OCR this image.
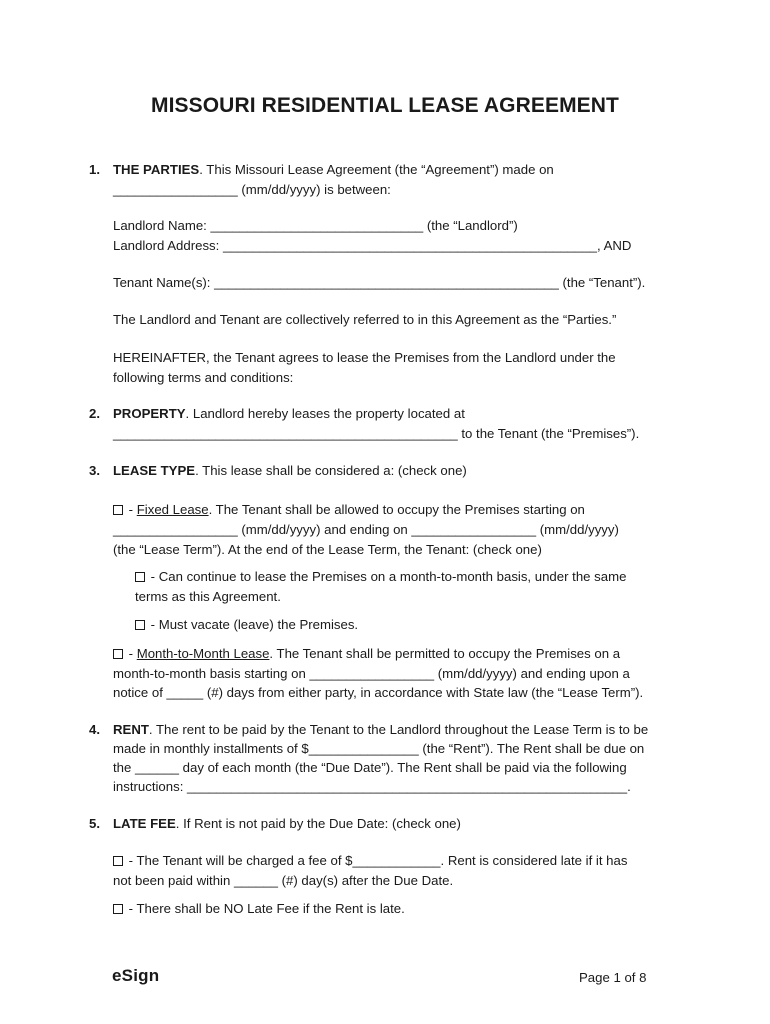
MISSOURI RESIDENTIAL LEASE AGREEMENT
1. THE PARTIES. This Missouri Lease Agreement (the “Agreement”) made on
_________________ (mm/dd/yyyy) is between:
Landlord Name: _____________________________ (the “Landlord”)
Landlord Address: ___________________________________________________, AND
Tenant Name(s): _______________________________________________ (the “Tenant”).
The Landlord and Tenant are collectively referred to in this Agreement as the “Parties.”
HEREINAFTER, the Tenant agrees to lease the Premises from the Landlord under the
following terms and conditions:
2. PROPERTY. Landlord hereby leases the property located at
_______________________________________________ to the Tenant (the “Premises”).
3. LEASE TYPE. This lease shall be considered a: (check one)
- Fixed Lease. The Tenant shall be allowed to occupy the Premises starting on
_________________ (mm/dd/yyyy) and ending on _________________ (mm/dd/yyyy)
(the “Lease Term”). At the end of the Lease Term, the Tenant: (check one)
- Can continue to lease the Premises on a month-to-month basis, under the same
terms as this Agreement.
- Must vacate (leave) the Premises.
- Month-to-Month Lease. The Tenant shall be permitted to occupy the Premises on a
month-to-month basis starting on _________________ (mm/dd/yyyy) and ending upon a
notice of _____ (#) days from either party, in accordance with State law (the “Lease Term”).
4. RENT. The rent to be paid by the Tenant to the Landlord throughout the Lease Term is to be
made in monthly installments of $_______________ (the “Rent”). The Rent shall be due on
the ______ day of each month (the “Due Date”). The Rent shall be paid via the following
instructions: ____________________________________________________________.
5. LATE FEE. If Rent is not paid by the Due Date: (check one)
- The Tenant will be charged a fee of $____________. Rent is considered late if it has
not been paid within ______ (#) day(s) after the Due Date.
- There shall be NO Late Fee if the Rent is late.
eSign	Page 1 of 8
